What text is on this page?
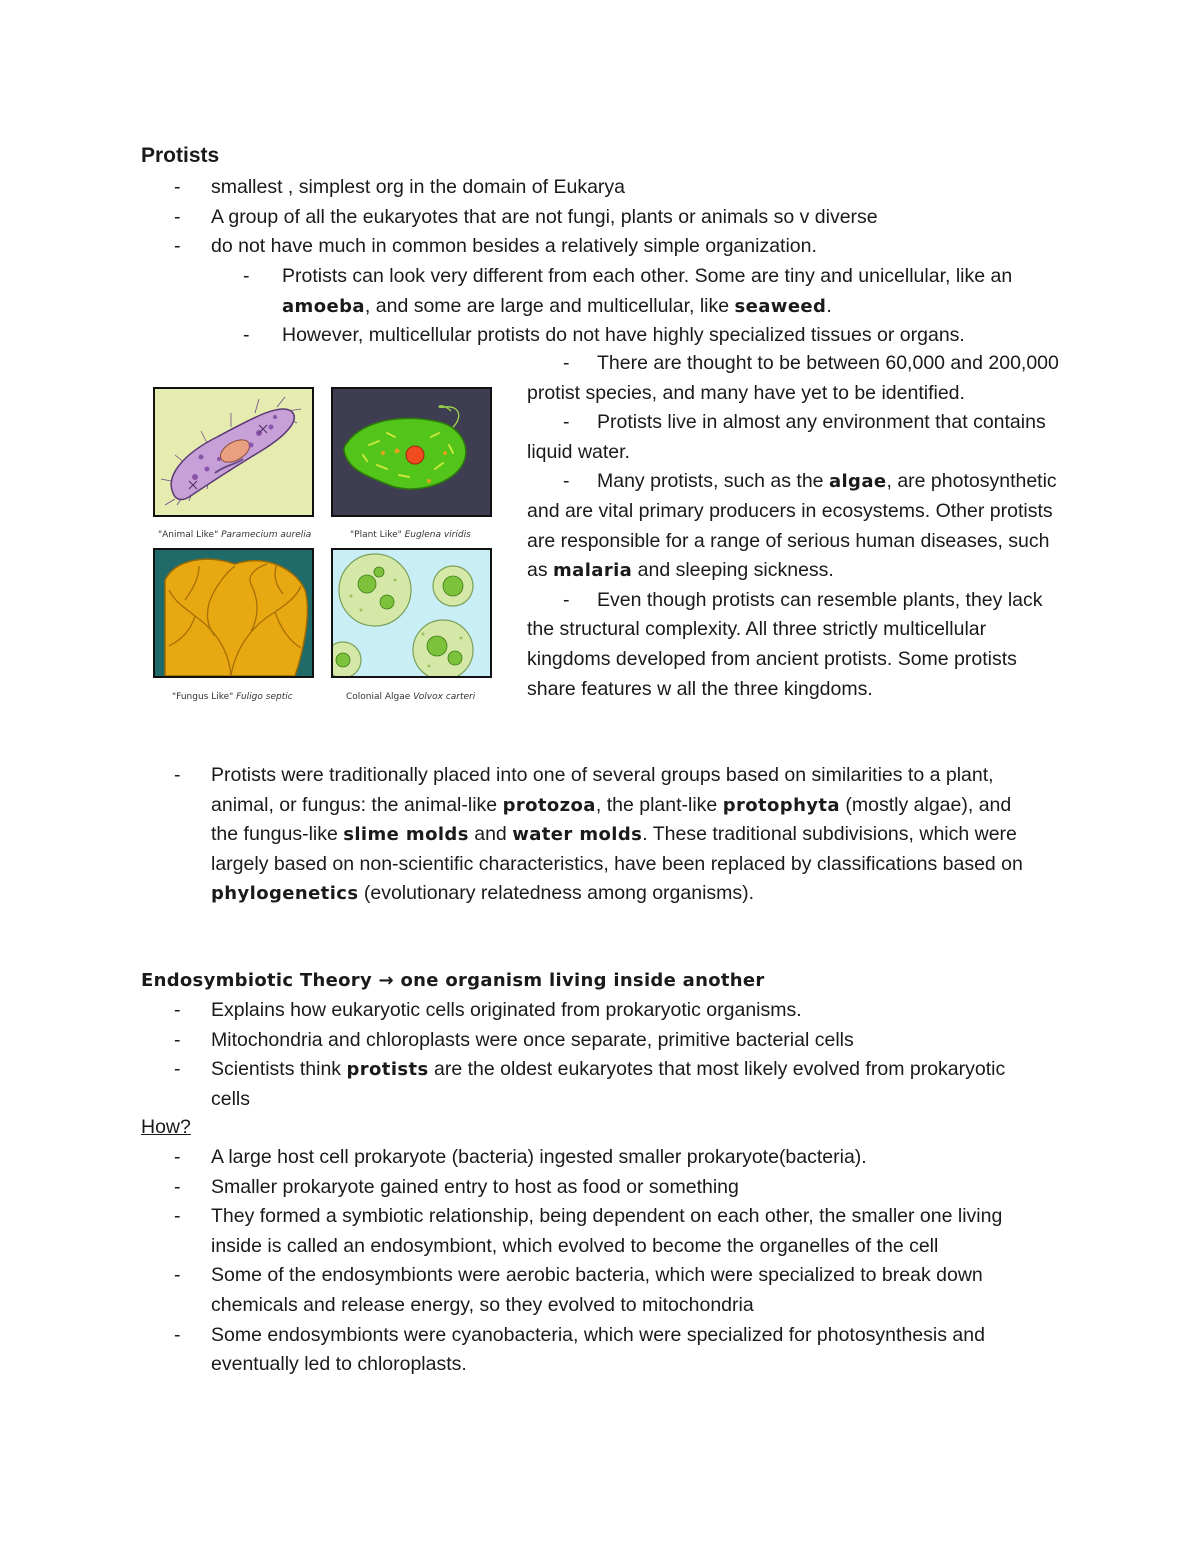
Protists
- smallest , simplest org in the domain of Eukarya
- A group of all the eukaryotes that are not fungi, plants or animals so v diverse
- do not have much in common besides a relatively simple organization.
- Protists can look very different from each other. Some are tiny and unicellular, like an amoeba, and some are large and multicellular, like seaweed.
- However, multicellular protists do not have highly specialized tissues or organs.
"Animal Like" Paramecium aurelia	"Plant Like" Euglena viridis
"Fungus Like" Fuligo septic	Colonial Algae Volvox carteri

- There are thought to be between 60,000 and 200,000 protist species, and many have yet to be identified.

- Protists live in almost any environment that contains liquid water.

- Many protists, such as the algae, are photosynthetic and are vital primary producers in ecosystems. Other protists are responsible for a range of serious human diseases, such as malaria and sleeping sickness.

- Even though protists can resemble plants, they lack the structural complexity. All three strictly multicellular kingdoms developed from ancient protists. Some protists share features w all the three kingdoms.

- Protists were traditionally placed into one of several groups based on similarities to a plant, animal, or fungus: the animal-like protozoa, the plant-like protophyta (mostly algae), and the fungus-like slime molds and water molds. These traditional subdivisions, which were largely based on non-scientific characteristics, have been replaced by classifications based on phylogenetics (evolutionary relatedness among organisms).
Endosymbiotic Theory → one organism living inside another
- Explains how eukaryotic cells originated from prokaryotic organisms.
- Mitochondria and chloroplasts were once separate, primitive bacterial cells
- Scientists think protists are the oldest eukaryotes that most likely evolved from prokaryotic cells
How?
- A large host cell prokaryote (bacteria) ingested smaller prokaryote(bacteria).
- Smaller prokaryote gained entry to host as food or something
- They formed a symbiotic relationship, being dependent on each other, the smaller one living inside is called an endosymbiont, which evolved to become the organelles of the cell
- Some of the endosymbionts were aerobic bacteria, which were specialized to break down chemicals and release energy, so they evolved to mitochondria
- Some endosymbionts were cyanobacteria, which were specialized for photosynthesis and eventually led to chloroplasts.
